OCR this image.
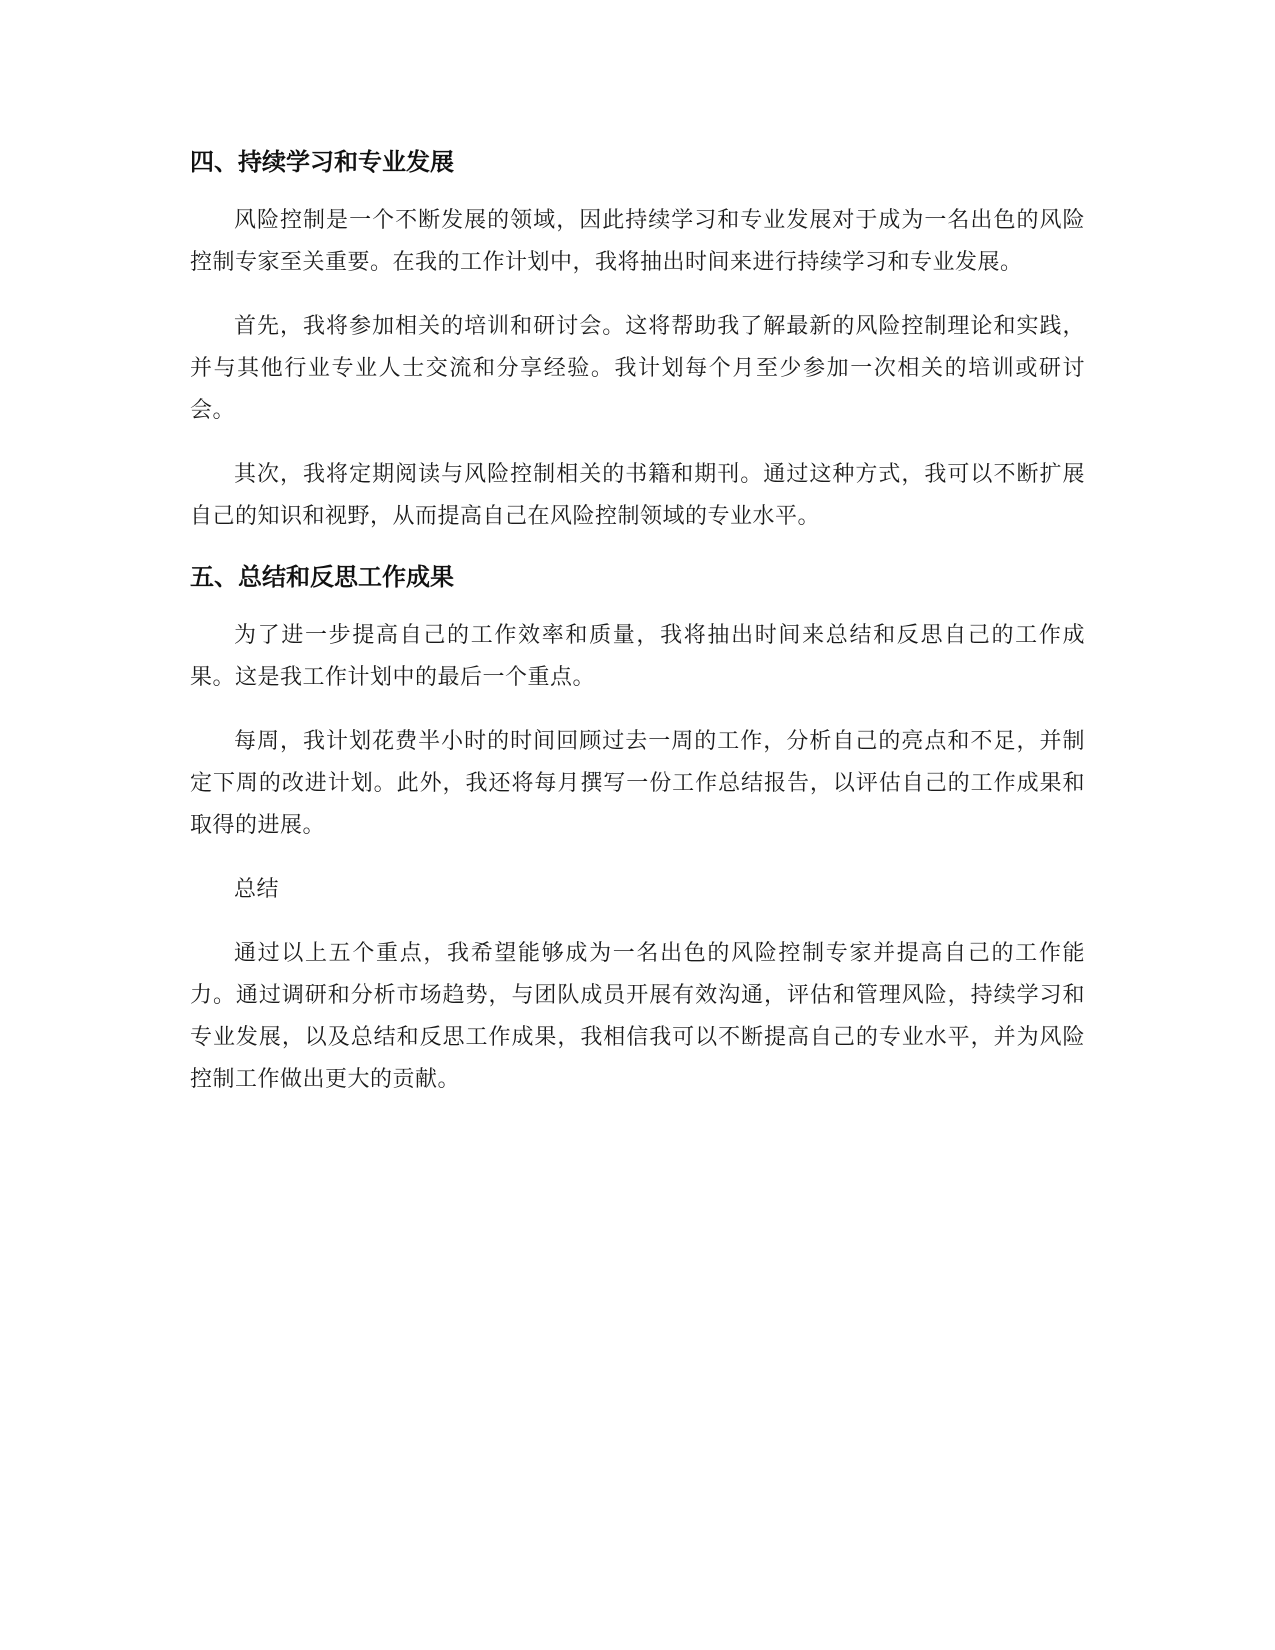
四、持续学习和专业发展

风险控制是一个不断发展的领域，因此持续学习和专业发展对于成为一名出色的风险控制专家至关重要。在我的工作计划中，我将抽出时间来进行持续学习和专业发展。

首先，我将参加相关的培训和研讨会。这将帮助我了解最新的风险控制理论和实践，并与其他行业专业人士交流和分享经验。我计划每个月至少参加一次相关的培训或研讨会。

其次，我将定期阅读与风险控制相关的书籍和期刊。通过这种方式，我可以不断扩展自己的知识和视野，从而提高自己在风险控制领域的专业水平。

五、总结和反思工作成果

为了进一步提高自己的工作效率和质量，我将抽出时间来总结和反思自己的工作成果。这是我工作计划中的最后一个重点。

每周，我计划花费半小时的时间回顾过去一周的工作，分析自己的亮点和不足，并制定下周的改进计划。此外，我还将每月撰写一份工作总结报告，以评估自己的工作成果和取得的进展。

总结

通过以上五个重点，我希望能够成为一名出色的风险控制专家并提高自己的工作能力。通过调研和分析市场趋势，与团队成员开展有效沟通，评估和管理风险，持续学习和专业发展，以及总结和反思工作成果，我相信我可以不断提高自己的专业水平，并为风险控制工作做出更大的贡献。
